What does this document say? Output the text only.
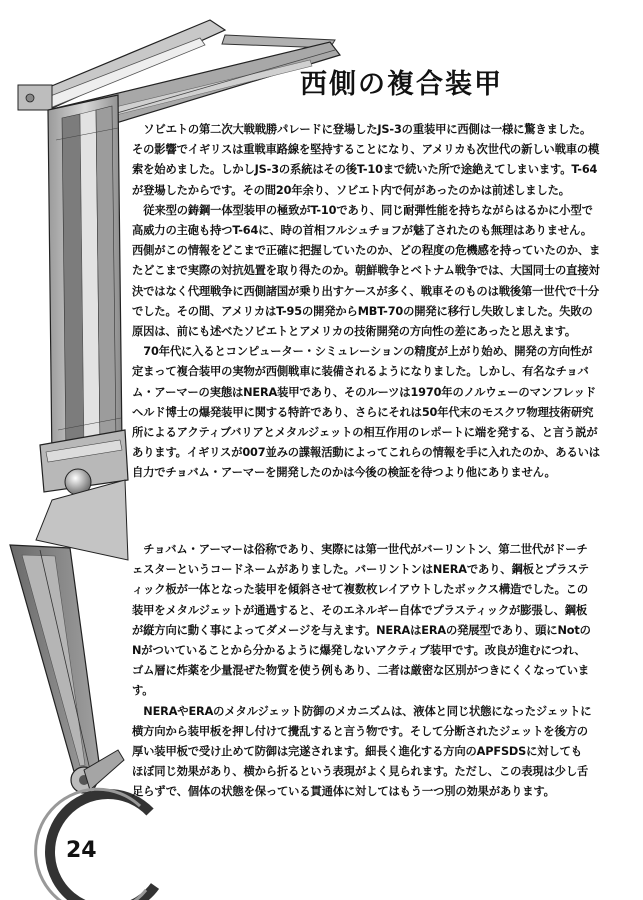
西側の複合装甲

ソビエトの第二次大戦戦勝パレードに登場したJS-3の重装甲に西側は一様に驚きました。その影響でイギリスは重戦車路線を堅持することになり、アメリカも次世代の新しい戦車の模索を始めました。しかしJS-3の系統はその後T-10まで続いた所で途絶えてしまいます。T-64が登場したからです。その間20年余り、ソビエト内で何があったのかは前述しました。

従来型の鋳鋼一体型装甲の極致がT-10であり、同じ耐弾性能を持ちながらはるかに小型で高威力の主砲も持つT-64に、時の首相フルシュチョフが魅了されたのも無理はありません。西側がこの情報をどこまで正確に把握していたのか、どの程度の危機感を持っていたのか、またどこまで実際の対抗処置を取り得たのか。朝鮮戦争とベトナム戦争では、大国同士の直接対決ではなく代理戦争に西側諸国が乗り出すケースが多く、戦車そのものは戦後第一世代で十分でした。その間、アメリカはT-95の開発からMBT-70の開発に移行し失敗しました。失敗の原因は、前にも述べたソビエトとアメリカの技術開発の方向性の差にあったと思えます。

70年代に入るとコンピューター・シミュレーションの精度が上がり始め、開発の方向性が定まって複合装甲の実物が西側戦車に装備されるようになりました。しかし、有名なチョバム・アーマーの実態はNERA装甲であり、そのルーツは1970年のノルウェーのマンフレッドヘルド博士の爆発装甲に関する特許であり、さらにそれは50年代末のモスクワ物理技術研究所によるアクティブバリアとメタルジェットの相互作用のレポートに端を発する、と言う説があります。イギリスが007並みの諜報活動によってこれらの情報を手に入れたのか、あるいは自力でチョバム・アーマーを開発したのかは今後の検証を待つより他にありません。

チョバム・アーマーは俗称であり、実際には第一世代がバーリントン、第二世代がドーチェスターというコードネームがありました。バーリントンはNERAであり、鋼板とプラスティック板が一体となった装甲を傾斜させて複数枚レイアウトしたボックス構造でした。この装甲をメタルジェットが通過すると、そのエネルギー自体でプラスティックが膨張し、鋼板が縦方向に動く事によってダメージを与えます。NERAはERAの発展型であり、頭にNotのNがついていることから分かるように爆発しないアクティブ装甲です。改良が進むにつれ、ゴム層に炸薬を少量混ぜた物質を使う例もあり、二者は厳密な区別がつきにくくなっています。

NERAやERAのメタルジェット防御のメカニズムは、液体と同じ状態になったジェットに横方向から装甲板を押し付けて攪乱すると言う物です。そして分断されたジェットを後方の厚い装甲板で受け止めて防御は完遂されます。細長く進化する方向のAPFSDSに対してもほぼ同じ効果があり、横から折るという表現がよく見られます。ただし、この表現は少し舌足らずで、個体の状態を保っている貫通体に対してはもう一つ別の効果があります。

24
